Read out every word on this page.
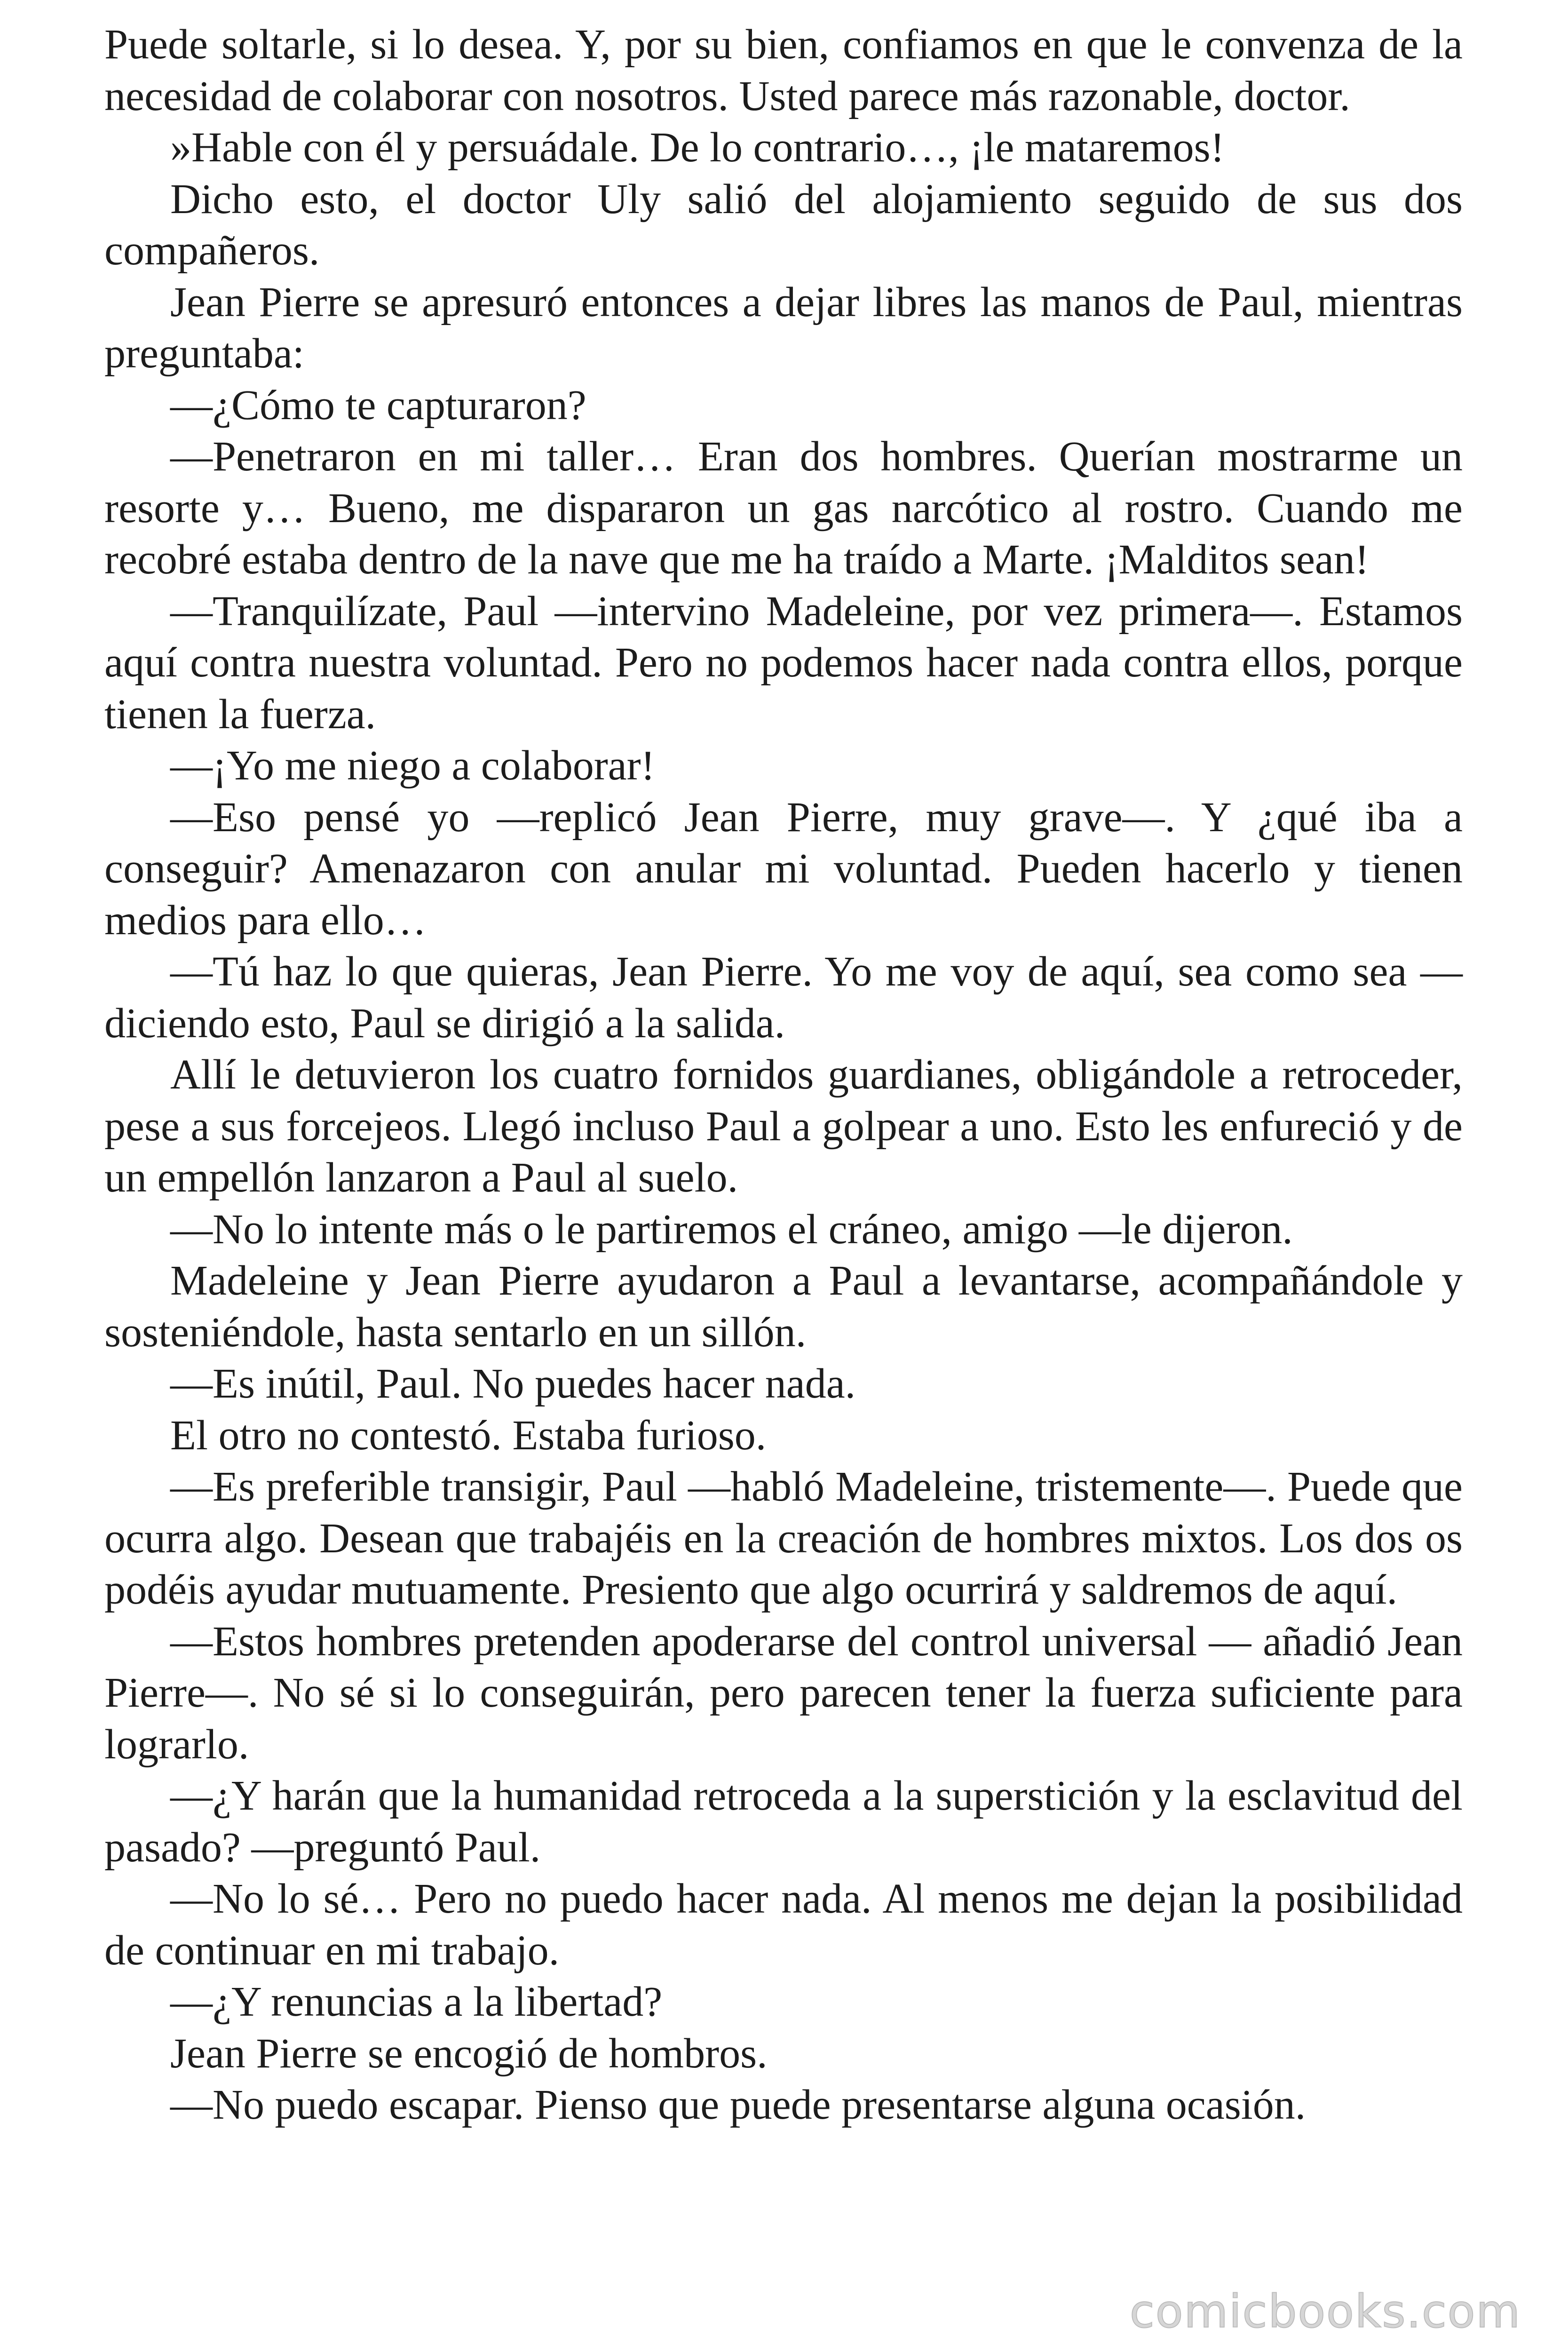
Puede soltarle, si lo desea. Y, por su bien, confiamos en que le convenza de la necesidad de colaborar con nosotros. Usted parece más razonable, doctor.

»Hable con él y persuádale. De lo contrario…, ¡le mataremos!

Dicho esto, el doctor Uly salió del alojamiento seguido de sus dos compañeros.

Jean Pierre se apresuró entonces a dejar libres las manos de Paul, mientras preguntaba:

—¿Cómo te capturaron?

—Penetraron en mi taller… Eran dos hombres. Querían mostrarme un resorte y… Bueno, me dispararon un gas narcótico al rostro. Cuando me recobré estaba dentro de la nave que me ha traído a Marte. ¡Malditos sean!

—Tranquilízate, Paul —intervino Madeleine, por vez primera—. Estamos aquí contra nuestra voluntad. Pero no podemos hacer nada contra ellos, porque tienen la fuerza.

—¡Yo me niego a colaborar!

—Eso pensé yo —replicó Jean Pierre, muy grave—. Y ¿qué iba a conseguir? Amenazaron con anular mi voluntad. Pueden hacerlo y tienen medios para ello…

—Tú haz lo que quieras, Jean Pierre. Yo me voy de aquí, sea como sea —diciendo esto, Paul se dirigió a la salida.

Allí le detuvieron los cuatro fornidos guardianes, obligándole a retroceder, pese a sus forcejeos. Llegó incluso Paul a golpear a uno. Esto les enfureció y de un empellón lanzaron a Paul al suelo.

—No lo intente más o le partiremos el cráneo, amigo —le dijeron.

Madeleine y Jean Pierre ayudaron a Paul a levantarse, acompañándole y sosteniéndole, hasta sentarlo en un sillón.

—Es inútil, Paul. No puedes hacer nada.

El otro no contestó. Estaba furioso.

—Es preferible transigir, Paul —habló Madeleine, tristemente—. Puede que ocurra algo. Desean que trabajéis en la creación de hombres mixtos. Los dos os podéis ayudar mutuamente. Presiento que algo ocurrirá y saldremos de aquí.

—Estos hombres pretenden apoderarse del control universal — añadió Jean Pierre—. No sé si lo conseguirán, pero parecen tener la fuerza suficiente para lograrlo.

—¿Y harán que la humanidad retroceda a la superstición y la esclavitud del pasado? —preguntó Paul.

—No lo sé… Pero no puedo hacer nada. Al menos me dejan la posibilidad de continuar en mi trabajo.

—¿Y renuncias a la libertad?

Jean Pierre se encogió de hombros.

—No puedo escapar. Pienso que puede presentarse alguna ocasión.

comicbooks.com
